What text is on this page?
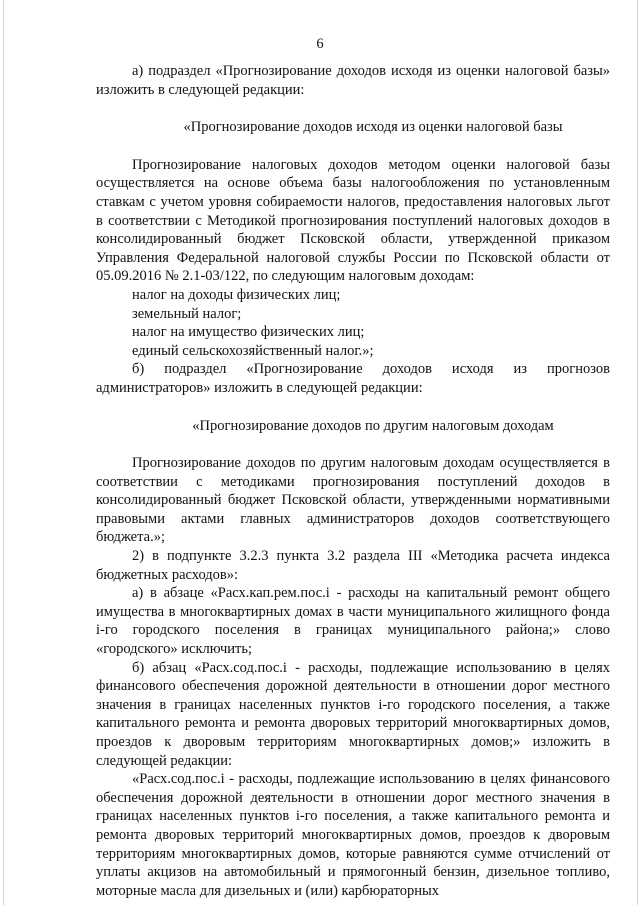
6

а) подраздел «Прогнозирование доходов исходя из оценки налоговой базы» изложить в следующей редакции:

«Прогнозирование доходов исходя из оценки налоговой базы

Прогнозирование налоговых доходов методом оценки налоговой базы осуществляется на основе объема базы налогообложения по установленным ставкам с учетом уровня собираемости налогов, предоставления налоговых льгот в соответствии с Методикой прогнозирования поступлений налоговых доходов в консолидированный бюджет Псковской области, утвержденной приказом Управления Федеральной налоговой службы России по Псковской области от 05.09.2016 № 2.1-03/122, по следующим налоговым доходам:

налог на доходы физических лиц;

земельный налог;

налог на имущество физических лиц;

единый сельскохозяйственный налог.»;

б) подраздел «Прогнозирование доходов исходя из прогнозов администраторов» изложить в следующей редакции:

«Прогнозирование доходов по другим налоговым доходам

Прогнозирование доходов по другим налоговым доходам осуществляется в соответствии с методиками прогнозирования поступлений доходов в консолидированный бюджет Псковской области, утвержденными нормативными правовыми актами главных администраторов доходов соответствующего бюджета.»;

2) в подпункте 3.2.3 пункта 3.2 раздела III «Методика расчета индекса бюджетных расходов»:

а) в абзаце «Расх.кап.рем.пос.i - расходы на капитальный ремонт общего имущества в многоквартирных домах в части муниципального жилищного фонда i-го городского поселения в границах муниципального района;» слово «городского» исключить;

б) абзац «Расх.сод.пос.i - расходы, подлежащие использованию в целях финансового обеспечения дорожной деятельности в отношении дорог местного значения в границах населенных пунктов i-го городского поселения, а также капитального ремонта и ремонта дворовых территорий многоквартирных домов, проездов к дворовым территориям многоквартирных домов;» изложить в следующей редакции:

«Расх.сод.пос.i - расходы, подлежащие использованию в целях финансового обеспечения дорожной деятельности в отношении дорог местного значения в границах населенных пунктов i-го поселения, а также капитального ремонта и ремонта дворовых территорий многоквартирных домов, проездов к дворовым территориям многоквартирных домов, которые равняются сумме отчислений от уплаты акцизов на автомобильный и прямогонный бензин, дизельное топливо, моторные масла для дизельных и (или) карбюраторных
